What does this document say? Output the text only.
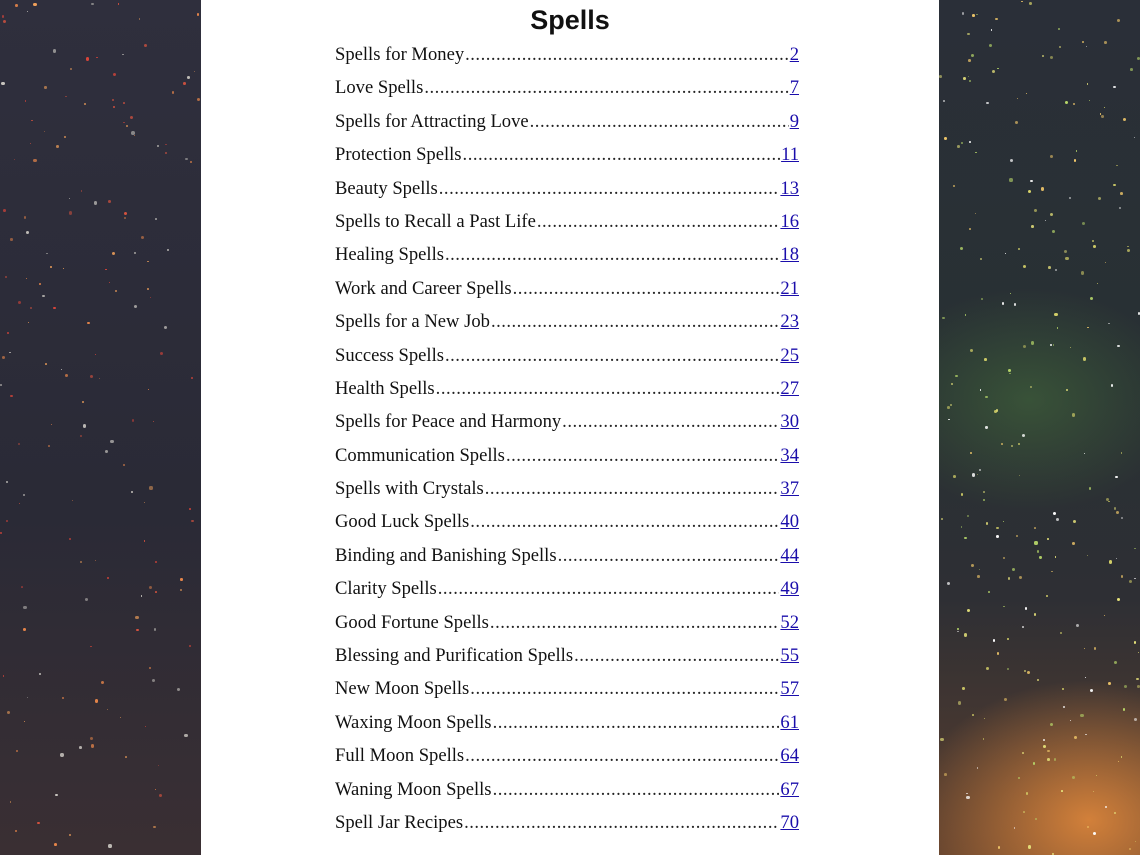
Spells
Spells for Money .....	2
Love Spells .....	7
Spells for Attracting Love .....	9
Protection Spells .....	11
Beauty Spells .....	13
Spells to Recall a Past Life .....	16
Healing Spells .....	18
Work and Career Spells .....	21
Spells for a New Job .....	23
Success Spells .....	25
Health Spells .....	27
Spells for Peace and Harmony .....	30
Communication Spells .....	34
Spells with Crystals .....	37
Good Luck Spells .....	40
Binding and Banishing Spells .....	44
Clarity Spells .....	49
Good Fortune Spells .....	52
Blessing and Purification Spells .....	55
New Moon Spells .....	57
Waxing Moon Spells .....	61
Full Moon Spells .....	64
Waning Moon Spells .....	67
Spell Jar Recipes .....	70
